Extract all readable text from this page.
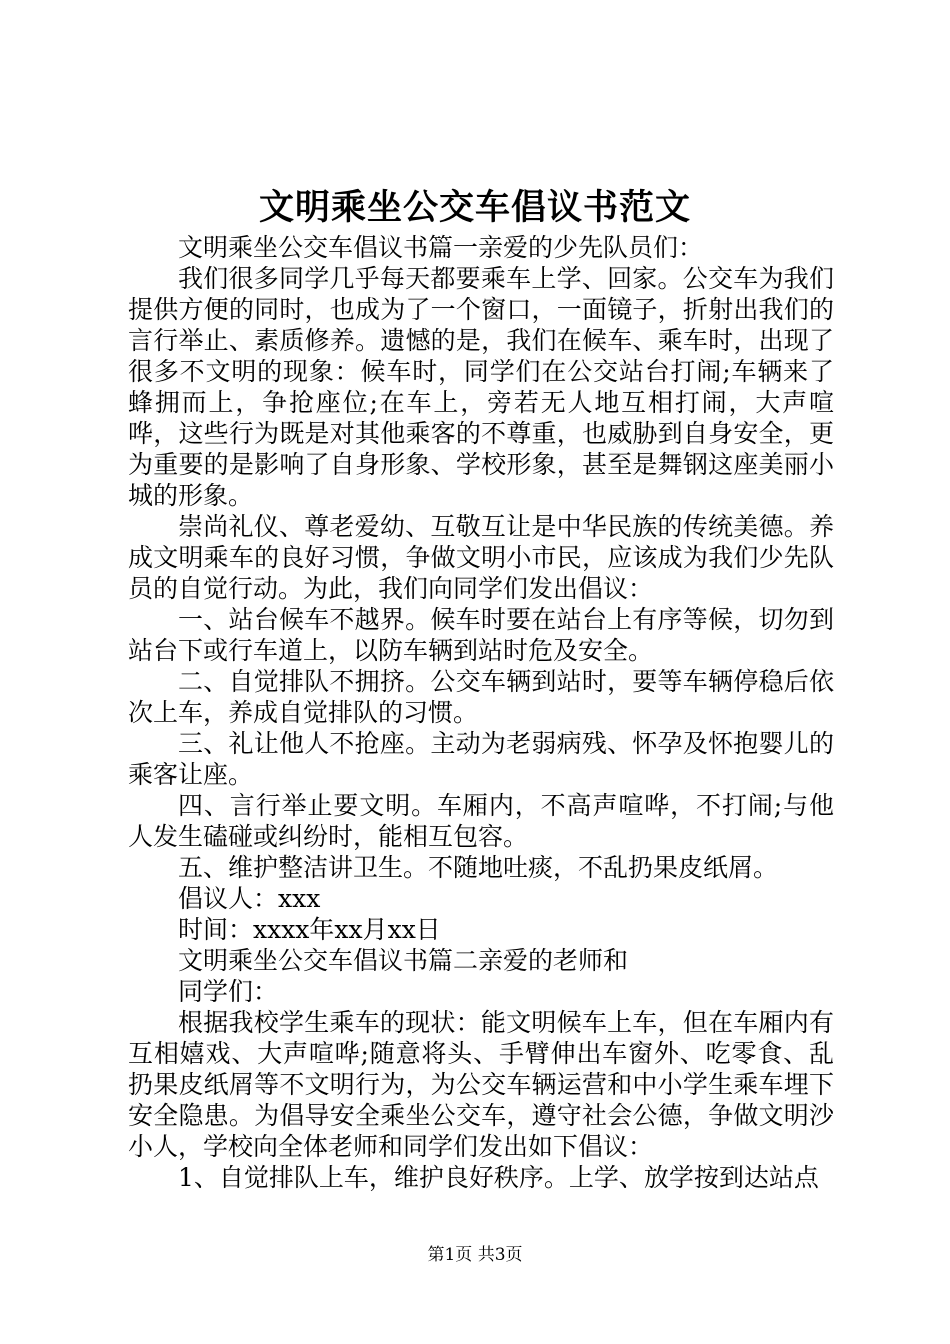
文明乘坐公交车倡议书范文

文明乘坐公交车倡议书篇一亲爱的少先队员们：

我们很多同学几乎每天都要乘车上学、回家。公交车为我们提供方便的同时，也成为了一个窗口，一面镜子，折射出我们的言行举止、素质修养。遗憾的是，我们在候车、乘车时，出现了很多不文明的现象：候车时，同学们在公交站台打闹;车辆来了蜂拥而上，争抢座位;在车上，旁若无人地互相打闹，大声喧哗，这些行为既是对其他乘客的不尊重，也威胁到自身安全，更为重要的是影响了自身形象、学校形象，甚至是舞钢这座美丽小城的形象。

崇尚礼仪、尊老爱幼、互敬互让是中华民族的传统美德。养成文明乘车的良好习惯，争做文明小市民，应该成为我们少先队员的自觉行动。为此，我们向同学们发出倡议：

一、站台候车不越界。候车时要在站台上有序等候，切勿到站台下或行车道上，以防车辆到站时危及安全。

二、自觉排队不拥挤。公交车辆到站时，要等车辆停稳后依次上车，养成自觉排队的习惯。

三、礼让他人不抢座。主动为老弱病残、怀孕及怀抱婴儿的乘客让座。

四、言行举止要文明。车厢内，不高声喧哗，不打闹;与他人发生磕碰或纠纷时，能相互包容。

五、维护整洁讲卫生。不随地吐痰，不乱扔果皮纸屑。

倡议人：xxx

时间：xxxx年xx月xx日

文明乘坐公交车倡议书篇二亲爱的老师和

同学们：

根据我校学生乘车的现状：能文明候车上车，但在车厢内有互相嬉戏、大声喧哗;随意将头、手臂伸出车窗外、吃零食、乱扔果皮纸屑等不文明行为，为公交车辆运营和中小学生乘车埋下安全隐患。为倡导安全乘坐公交车，遵守社会公德，争做文明沙小人，学校向全体老师和同学们发出如下倡议：

1、自觉排队上车，维护良好秩序。上学、放学按到达站点

第1页 共3页
